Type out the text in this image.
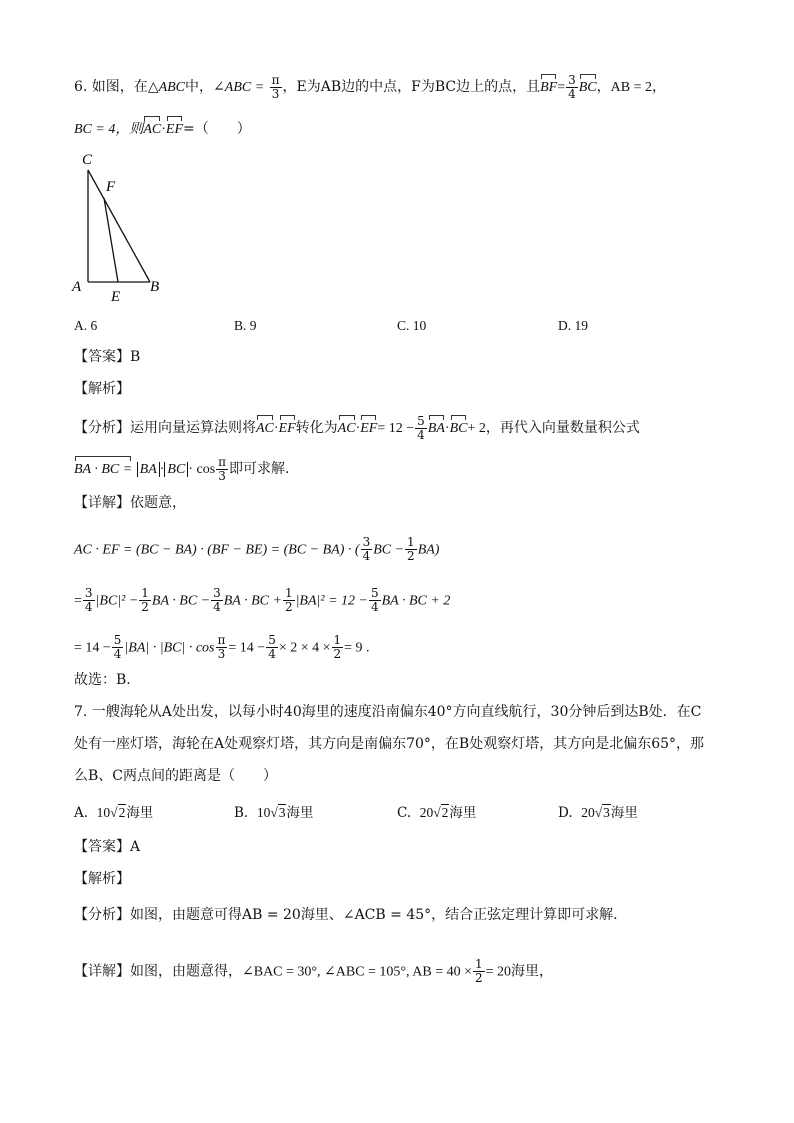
6. 如图，在△ABC中，∠ABC = $\frac{\pi}{3}$ ，E为AB边的中点，F为BC边上的点，且$BF= \frac{3}{4}$ BC，AB = 2，
BC = 4，则AC·EF=（　　）
C
F
A
E
B
A. 6	B. 9	C. 10	D. 19
【答案】B
【解析】
【分析】运用向量运算法则将AC·EF转化为$AC\cdot EF= 12 - \frac{5}{4} BA\cdot BC+ 2$，再代入向量数量积公式
BA · BC = BA · BC · $\cos \frac{\pi}{3}$ 即可求解.
【详解】依题意，
AC · EF = (BC − BA) · (BF − BE) = (BC − BA) · ( $\frac{3}{4}$ BC − $\frac{1}{2} BA$)
= $\frac{3}{4} |BC|^2 - \frac{1}{2}$ BA · BC − $\frac{3}{4}$ BA · BC + $\frac{1}{2} |BA|^2 = 12 - \frac{5}{4}$ BA · BC + 2
= $14 - \frac{5}{4} |BA| \cdot |BC| \cdot \cos \frac{\pi}{3} = 14 - \frac{5}{4} \times 2 \times 4 \times \frac{1}{2} = 9$ .
故选：B.
7. 一艘海轮从A处出发，以每小时40海里的速度沿南偏东40°方向直线航行，30分钟后到达B处．在C
处有一座灯塔，海轮在A处观察灯塔，其方向是南偏东70°，在B处观察灯塔，其方向是北偏东65°，那
么B、C两点间的距离是（　　）
A. 10√2海里	B. 10√3海里	C. 20√2海里	D. 20√3海里
【答案】A
【解析】
【分析】如图，由题意可得AB = 20海里、∠ACB = 45°，结合正弦定理计算即可求解.
【详解】如图，由题意得，∠BAC = 30°, ∠ABC = 105°, AB = $40 \times \frac{1}{2} = 20$海里，
